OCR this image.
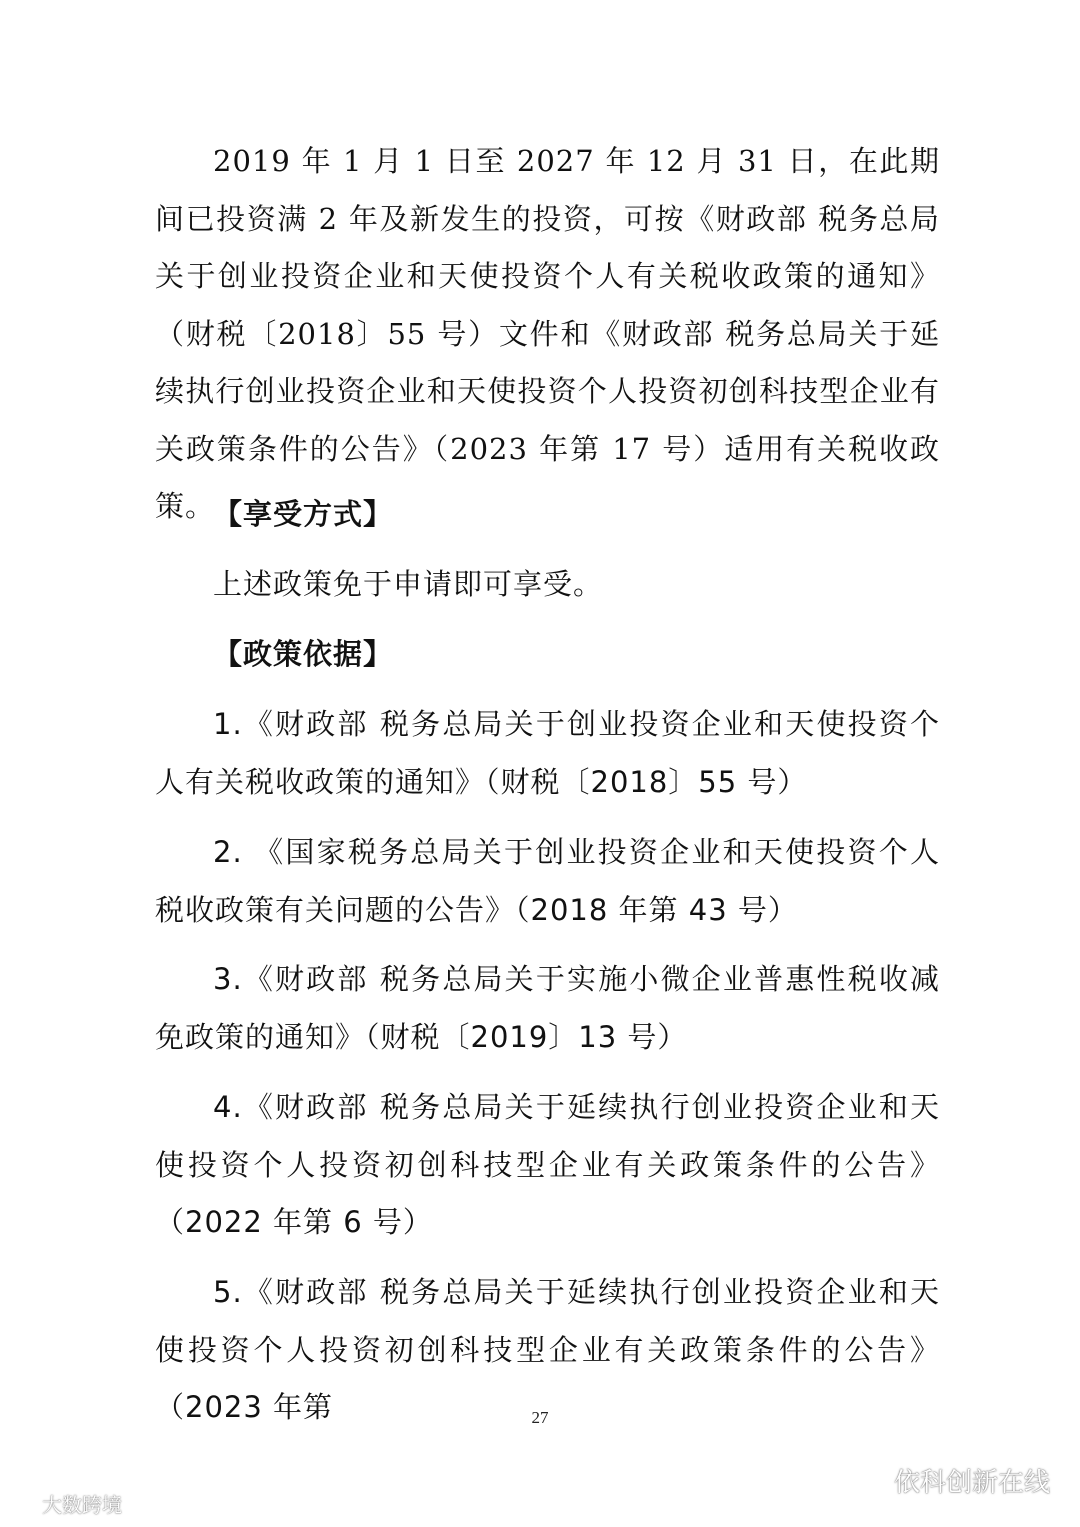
2019 年 1 月 1 日至 2027 年 12 月 31 日，在此期间已投资满 2 年及新发生的投资，可按《财政部 税务总局关于创业投资企业和天使投资个人有关税收政策的通知》（财税〔2018〕55 号）文件和《财政部 税务总局关于延续执行创业投资企业和天使投资个人投资初创科技型企业有关政策条件的公告》（2023 年第 17 号）适用有关税收政策。

【享受方式】

上述政策免于申请即可享受。

【政策依据】

1.《财政部 税务总局关于创业投资企业和天使投资个人有关税收政策的通知》（财税〔2018〕55 号）

2. 《国家税务总局关于创业投资企业和天使投资个人税收政策有关问题的公告》（2018 年第 43 号）

3.《财政部 税务总局关于实施小微企业普惠性税收减免政策的通知》（财税〔2019〕13 号）

4.《财政部 税务总局关于延续执行创业投资企业和天使投资个人投资初创科技型企业有关政策条件的公告》（2022 年第 6 号）

5.《财政部 税务总局关于延续执行创业投资企业和天使投资个人投资初创科技型企业有关政策条件的公告》（2023 年第	27
大数跨境
依科创新在线
